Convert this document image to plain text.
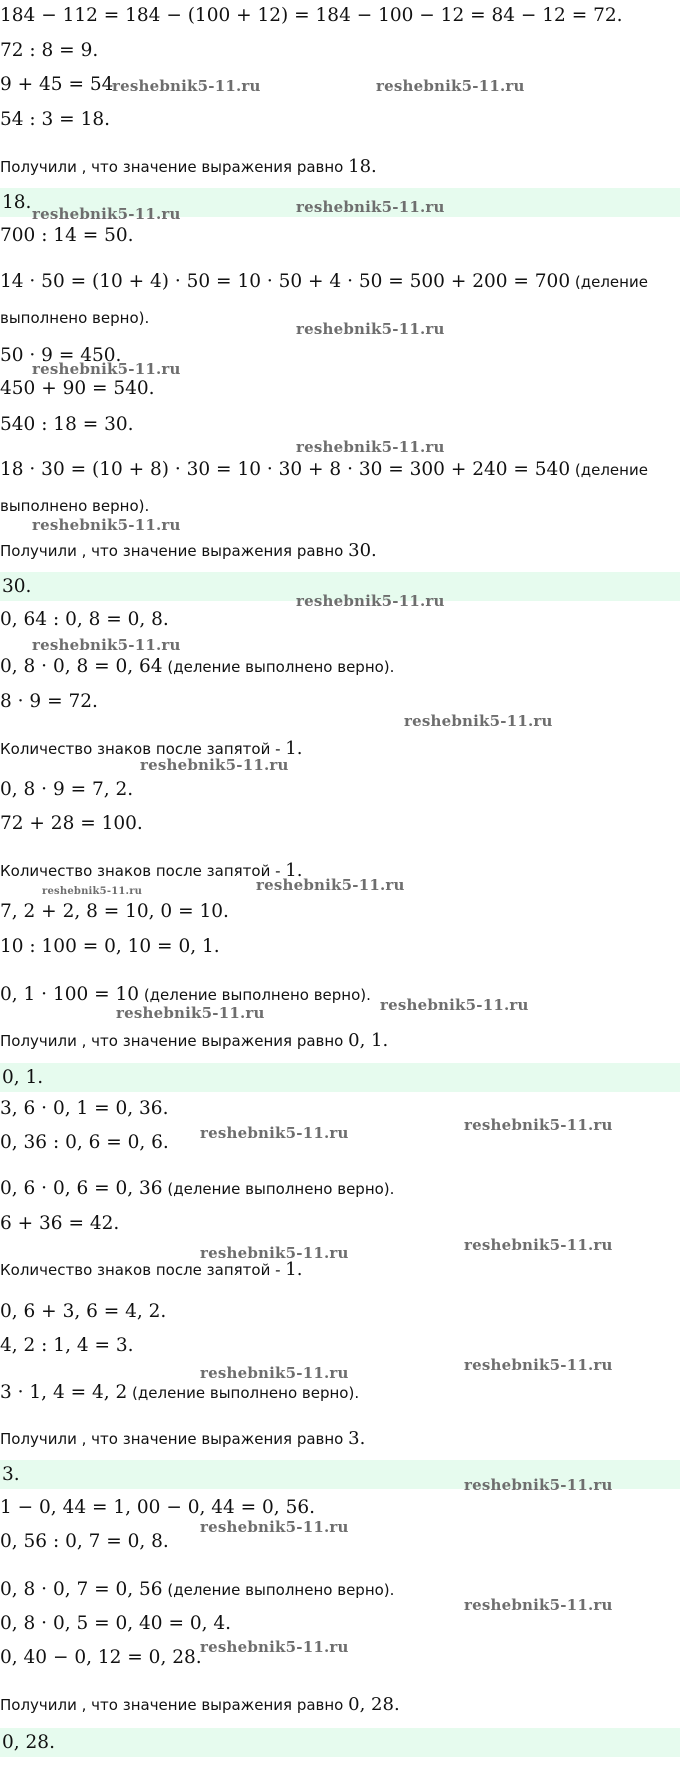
184 − 112 = 184 − (100 + 12) = 184 − 100 − 12 = 84 − 12 = 72.
72 : 8 = 9.
9 + 45 = 54
54 : 3 = 18.
Получили , что значение выражения равно 18.
18.
700 : 14 = 50.
14 · 50 = (10 + 4) · 50 = 10 · 50 + 4 · 50 = 500 + 200 = 700 (деление
выполнено верно).
50 · 9 = 450.
450 + 90 = 540.
540 : 18 = 30.
18 · 30 = (10 + 8) · 30 = 10 · 30 + 8 · 30 = 300 + 240 = 540 (деление
выполнено верно).
Получили , что значение выражения равно 30.
30.
0, 64 : 0, 8 = 0, 8.
0, 8 · 0, 8 = 0, 64 (деление выполнено верно).
8 · 9 = 72.
Количество знаков после запятой - 1.
0, 8 · 9 = 7, 2.
72 + 28 = 100.
Количество знаков после запятой - 1.
7, 2 + 2, 8 = 10, 0 = 10.
10 : 100 = 0, 10 = 0, 1.
0, 1 · 100 = 10 (деление выполнено верно).
Получили , что значение выражения равно 0, 1.
0, 1.
3, 6 · 0, 1 = 0, 36.
0, 36 : 0, 6 = 0, 6.
0, 6 · 0, 6 = 0, 36 (деление выполнено верно).
6 + 36 = 42.
Количество знаков после запятой - 1.
0, 6 + 3, 6 = 4, 2.
4, 2 : 1, 4 = 3.
3 · 1, 4 = 4, 2 (деление выполнено верно).
Получили , что значение выражения равно 3.
3.
1 − 0, 44 = 1, 00 − 0, 44 = 0, 56.
0, 56 : 0, 7 = 0, 8.
0, 8 · 0, 7 = 0, 56 (деление выполнено верно).
0, 8 · 0, 5 = 0, 40 = 0, 4.
0, 40 − 0, 12 = 0, 28.
Получили , что значение выражения равно 0, 28.
0, 28.
reshebnik5-11.ru	reshebnik5-11.ru
reshebnik5-11.ru	reshebnik5-11.ru
reshebnik5-11.ru
reshebnik5-11.ru
reshebnik5-11.ru
reshebnik5-11.ru
reshebnik5-11.ru
reshebnik5-11.ru
reshebnik5-11.ru
reshebnik5-11.ru
reshebnik5-11.ru	reshebnik5-11.ru
reshebnik5-11.ru	reshebnik5-11.ru
reshebnik5-11.ru	reshebnik5-11.ru
reshebnik5-11.ru	reshebnik5-11.ru
reshebnik5-11.ru	reshebnik5-11.ru
reshebnik5-11.ru
reshebnik5-11.ru
reshebnik5-11.ru
reshebnik5-11.ru
